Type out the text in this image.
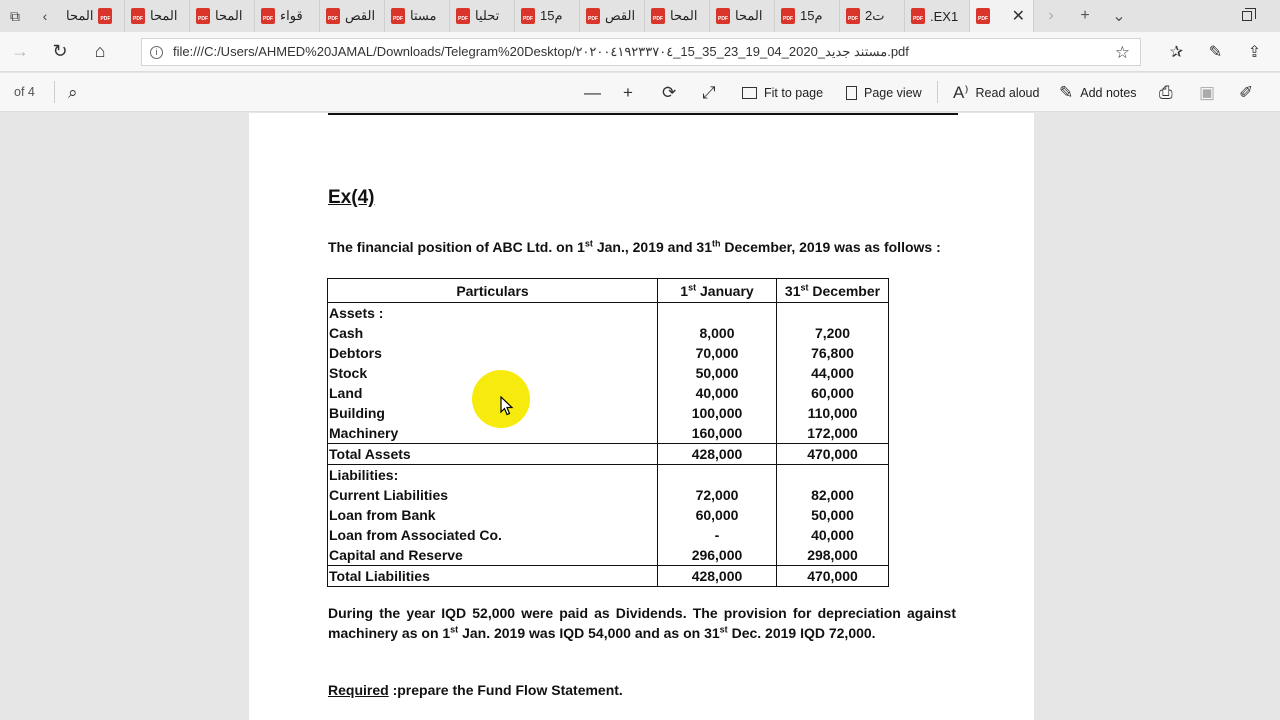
⧉	‹	المحا	PDF	PDF المحا	PDF المحا	PDF قواء	PDF القص	PDF مستا	PDF تحليا	PDF م15	PDF القص	PDF المحا	PDF المحا	PDF م15	PDF ت2	PDF EX1.	PDF ✕	›	+	⌄
→	↻	⌂	i	file:///C:/Users/AHMED%20JAMAL/Downloads/Telegram%20Desktop/٢٠٢٠٠٤١٩٢٣٣٧٠٤_15_35_23_19_04_2020_مستند جديد.pdf	☆	✰	✎	⇪
of 4 ⌕	— + ⟳ ⤢	Fit to page	Page view A⁾ Read aloud ✎ Add notes ⎙ ▣ ✐
Ex(4)
The financial position of ABC Ltd. on 1st Jan., 2019 and 31th December, 2019 was as follows :
Particulars	1st January	31st December
Assets :		
Cash	8,000	7,200
Debtors	70,000	76,800
Stock	50,000	44,000
Land	40,000	60,000
Building	100,000	110,000
Machinery	160,000	172,000
Total Assets	428,000	470,000
Liabilities:		
Current Liabilities	72,000	82,000
Loan from Bank	60,000	50,000
Loan from Associated Co.	-	40,000
Capital and Reserve	296,000	298,000
Total Liabilities	428,000	470,000
During the year IQD 52,000 were paid as Dividends. The provision for depreciation against machinery as on 1st Jan. 2019 was IQD 54,000 and as on 31st Dec. 2019 IQD 72,000.
Required :prepare the Fund Flow Statement.
